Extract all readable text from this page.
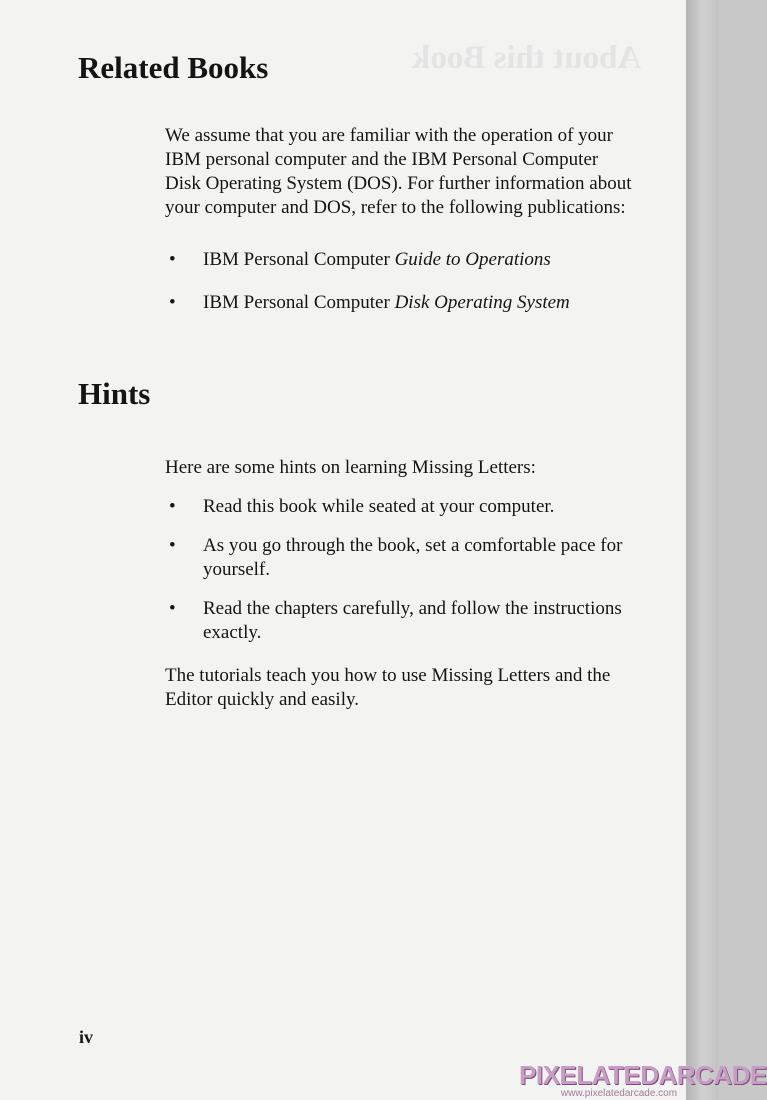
About this Book
Related Books

We assume that you are familiar with the operation of your IBM personal computer and the IBM Personal Computer Disk Operating System (DOS). For further information about your computer and DOS, refer to the following publications:

• IBM Personal Computer Guide to Operations
• IBM Personal Computer Disk Operating System
Hints

Here are some hints on learning Missing Letters:

• Read this book while seated at your computer.
• As you go through the book, set a comfortable pace for yourself.
• Read the chapters carefully, and follow the instructions exactly.

The tutorials teach you how to use Missing Letters and the Editor quickly and easily.

iv
PIXELATEDARCADE
www.pixelatedarcade.com
